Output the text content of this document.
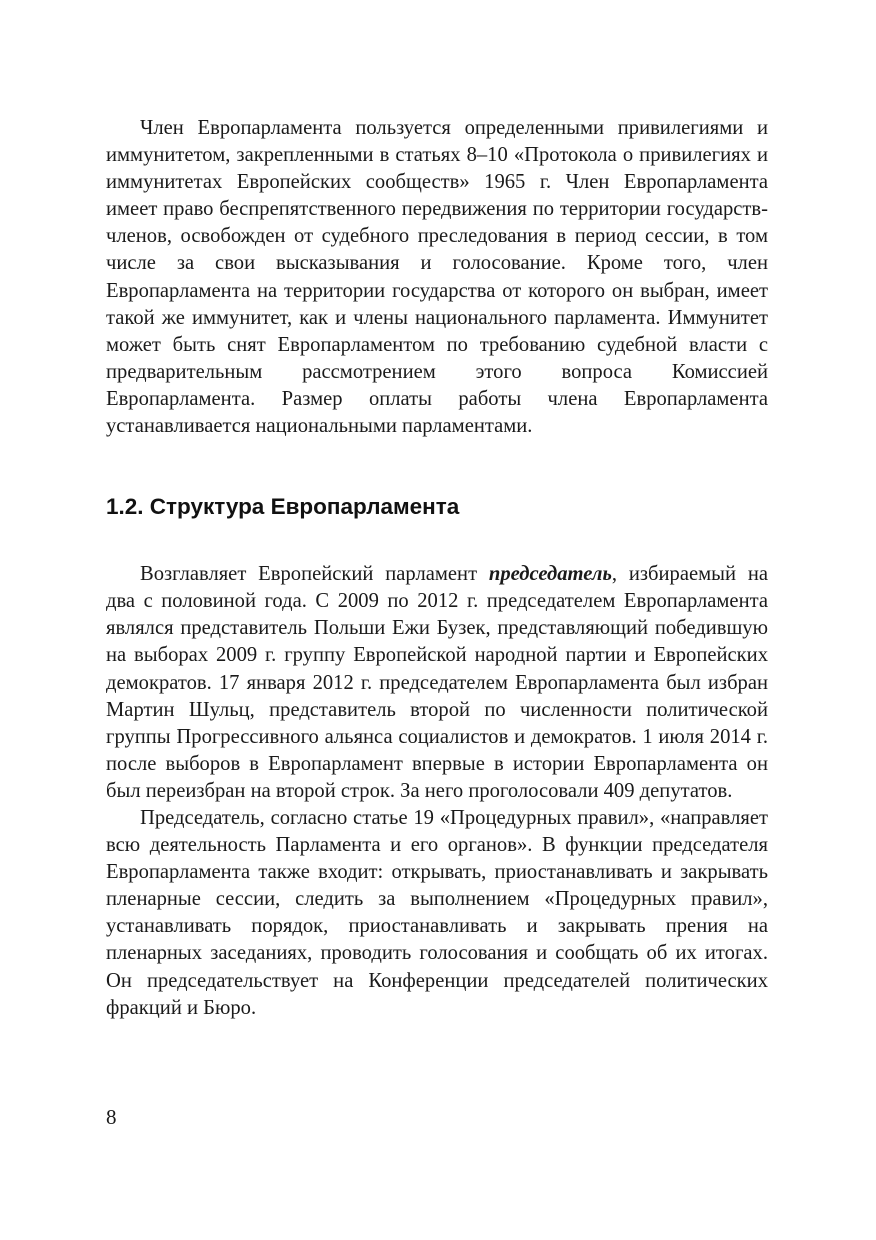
Член Европарламента пользуется определенными привилегиями и иммунитетом, закрепленными в статьях 8–10 «Протокола о привилегиях и иммунитетах Европейских сообществ» 1965 г. Член Европарламента имеет право беспрепятственного передвижения по территории государств-членов, освобожден от судебного преследования в период сессии, в том числе за свои высказывания и голосование. Кроме того, член Европарламента на территории государства от которого он выбран, имеет такой же иммунитет, как и члены национального парламента. Иммунитет может быть снят Европарламентом по требованию судебной власти с предварительным рассмотрением этого вопроса Комиссией Европарламента. Размер оплаты работы члена Европарламента устанавливается национальными парламентами.

1.2. Структура Европарламента

Возглавляет Европейский парламент председатель, избираемый на два с половиной года. С 2009 по 2012 г. председателем Европарламента являлся представитель Польши Ежи Бузек, представляющий победившую на выборах 2009 г. группу Европейской народной партии и Европейских демократов. 17 января 2012 г. председателем Европарламента был избран Мартин Шульц, представитель второй по численности политической группы Прогрессивного альянса социалистов и демократов. 1 июля 2014 г. после выборов в Европарламент впервые в истории Европарламента он был переизбран на второй строк. За него проголосовали 409 депутатов.

Председатель, согласно статье 19 «Процедурных правил», «направляет всю деятельность Парламента и его органов». В функции председателя Европарламента также входит: открывать, приостанавливать и закрывать пленарные сессии, следить за выполнением «Процедурных правил», устанавливать порядок, приостанавливать и закрывать прения на пленарных заседаниях, проводить голосования и сообщать об их итогах. Он председательствует на Конференции председателей политических фракций и Бюро.

8
